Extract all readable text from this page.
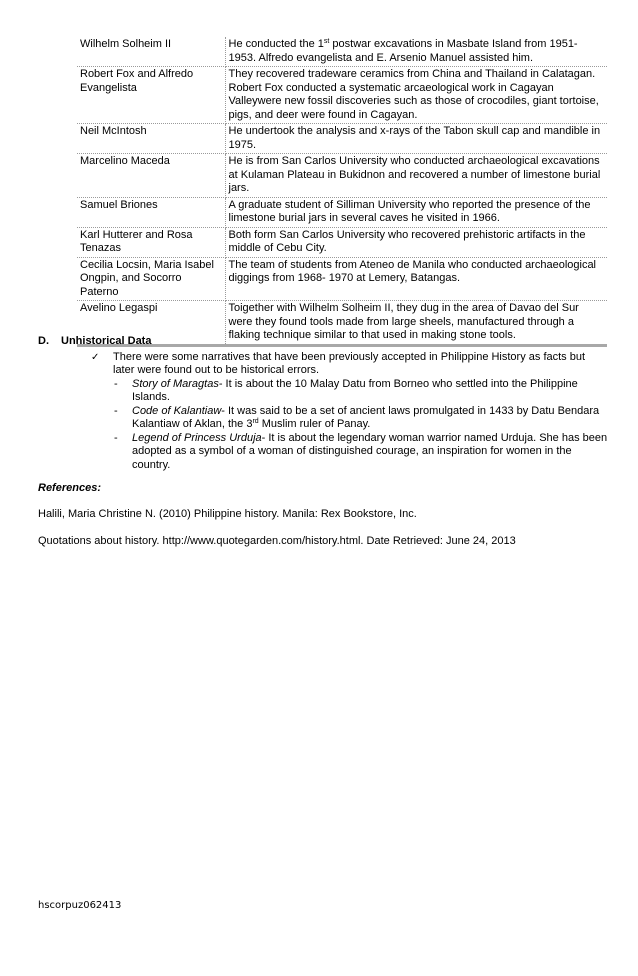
Wilhelm Solheim II	He conducted the 1st postwar excavations in Masbate Island from 1951-1953. Alfredo evangelista and E. Arsenio Manuel assisted him.
Robert Fox and Alfredo Evangelista	They recovered tradeware ceramics from China and Thailand in Calatagan. Robert Fox conducted a systematic arcaeological work in Cagayan Valleywere new fossil discoveries such as those of crocodiles, giant tortoise, pigs, and deer were found in Cagayan.
Neil McIntosh	He undertook the analysis and x-rays of the Tabon skull cap and mandible in 1975.
Marcelino Maceda	He is from San Carlos University who conducted archaeological excavations at Kulaman Plateau in Bukidnon and recovered a number of limestone burial jars.
Samuel Briones	A graduate student of Silliman University who reported the presence of the limestone burial jars in several caves he visited in 1966.
Karl Hutterer and Rosa Tenazas	Both form San Carlos University who recovered prehistoric artifacts in the middle of Cebu City.
Cecilia Locsin, Maria Isabel Ongpin, and Socorro Paterno	The team of students from Ateneo de Manila who conducted archaeological diggings from 1968- 1970 at Lemery, Batangas.
Avelino Legaspi	Toigether with Wilhelm Solheim II, they dug in the area of Davao del Sur were they found tools made from large sheels, manufactured through a flaking technique similar to that used in making stone tools.
D.	Unhistorical Data
✓	There were some narratives that have been previously accepted in Philippine History as facts but later were found out to be historical errors.
-	Story of Maragtas- It is about the 10 Malay Datu from Borneo who settled into the Philippine Islands.
-	Code of Kalantiaw- It was said to be a set of ancient laws promulgated in 1433 by Datu Bendara Kalantiaw of Aklan, the 3rd Muslim ruler of Panay.
-	Legend of Princess Urduja- It is about the legendary woman warrior named Urduja. She has been adopted as a symbol of a woman of distinguished courage, an inspiration for women in the country.
References:
Halili, Maria Christine N. (2010) Philippine history. Manila: Rex Bookstore, Inc.
Quotations about history. http://www.quotegarden.com/history.html. Date Retrieved: June 24, 2013
hscorpuz062413
